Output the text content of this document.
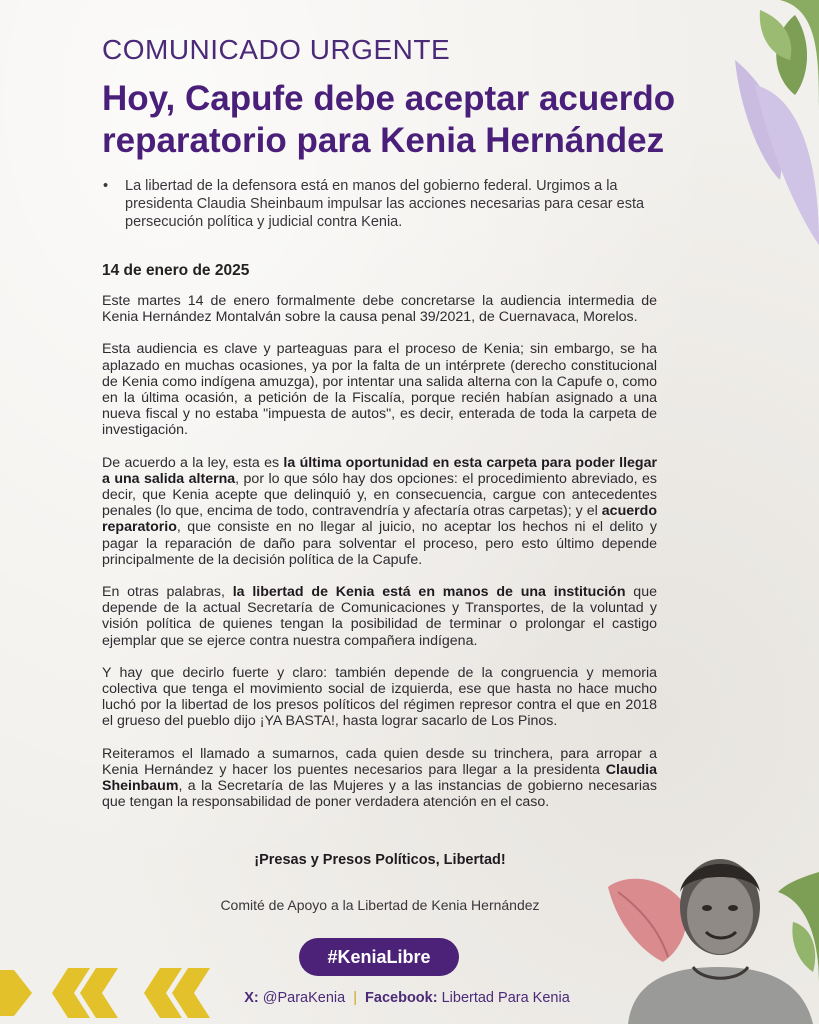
COMUNICADO URGENTE
Hoy, Capufe debe aceptar acuerdo reparatorio para Kenia Hernández
•	La libertad de la defensora está en manos del gobierno federal. Urgimos a la presidenta Claudia Sheinbaum impulsar las acciones necesarias para cesar esta persecución política y judicial contra Kenia.
14 de enero de 2025

Este martes 14 de enero formalmente debe concretarse la audiencia intermedia de Kenia Hernández Montalván sobre la causa penal 39/2021, de Cuernavaca, Morelos.

Esta audiencia es clave y parteaguas para el proceso de Kenia; sin embargo, se ha aplazado en muchas ocasiones, ya por la falta de un intérprete (derecho constitucional de Kenia como indígena amuzga), por intentar una salida alterna con la Capufe o, como en la última ocasión, a petición de la Fiscalía, porque recién habían asignado a una nueva fiscal y no estaba "impuesta de autos", es decir, enterada de toda la carpeta de investigación.

De acuerdo a la ley, esta es la última oportunidad en esta carpeta para poder llegar a una salida alterna, por lo que sólo hay dos opciones: el procedimiento abreviado, es decir, que Kenia acepte que delinquió y, en consecuencia, cargue con antecedentes penales (lo que, encima de todo, contravendría y afectaría otras carpetas); y el acuerdo reparatorio, que consiste en no llegar al juicio, no aceptar los hechos ni el delito y pagar la reparación de daño para solventar el proceso, pero esto último depende principalmente de la decisión política de la Capufe.

En otras palabras, la libertad de Kenia está en manos de una institución que depende de la actual Secretaría de Comunicaciones y Transportes, de la voluntad y visión política de quienes tengan la posibilidad de terminar o prolongar el castigo ejemplar que se ejerce contra nuestra compañera indígena.

Y hay que decirlo fuerte y claro: también depende de la congruencia y memoria colectiva que tenga el movimiento social de izquierda, ese que hasta no hace mucho luchó por la libertad de los presos políticos del régimen represor contra el que en 2018 el grueso del pueblo dijo ¡YA BASTA!, hasta lograr sacarlo de Los Pinos.

Reiteramos el llamado a sumarnos, cada quien desde su trinchera, para arropar a Kenia Hernández y hacer los puentes necesarios para llegar a la presidenta Claudia Sheinbaum, a la Secretaría de las Mujeres y a las instancias de gobierno necesarias que tengan la responsabilidad de poner verdadera atención en el caso.

¡Presas y Presos Políticos, Libertad!
Comité de Apoyo a la Libertad de Kenia Hernández
#KeniaLibre
X: @ParaKenia | Facebook: Libertad Para Kenia
